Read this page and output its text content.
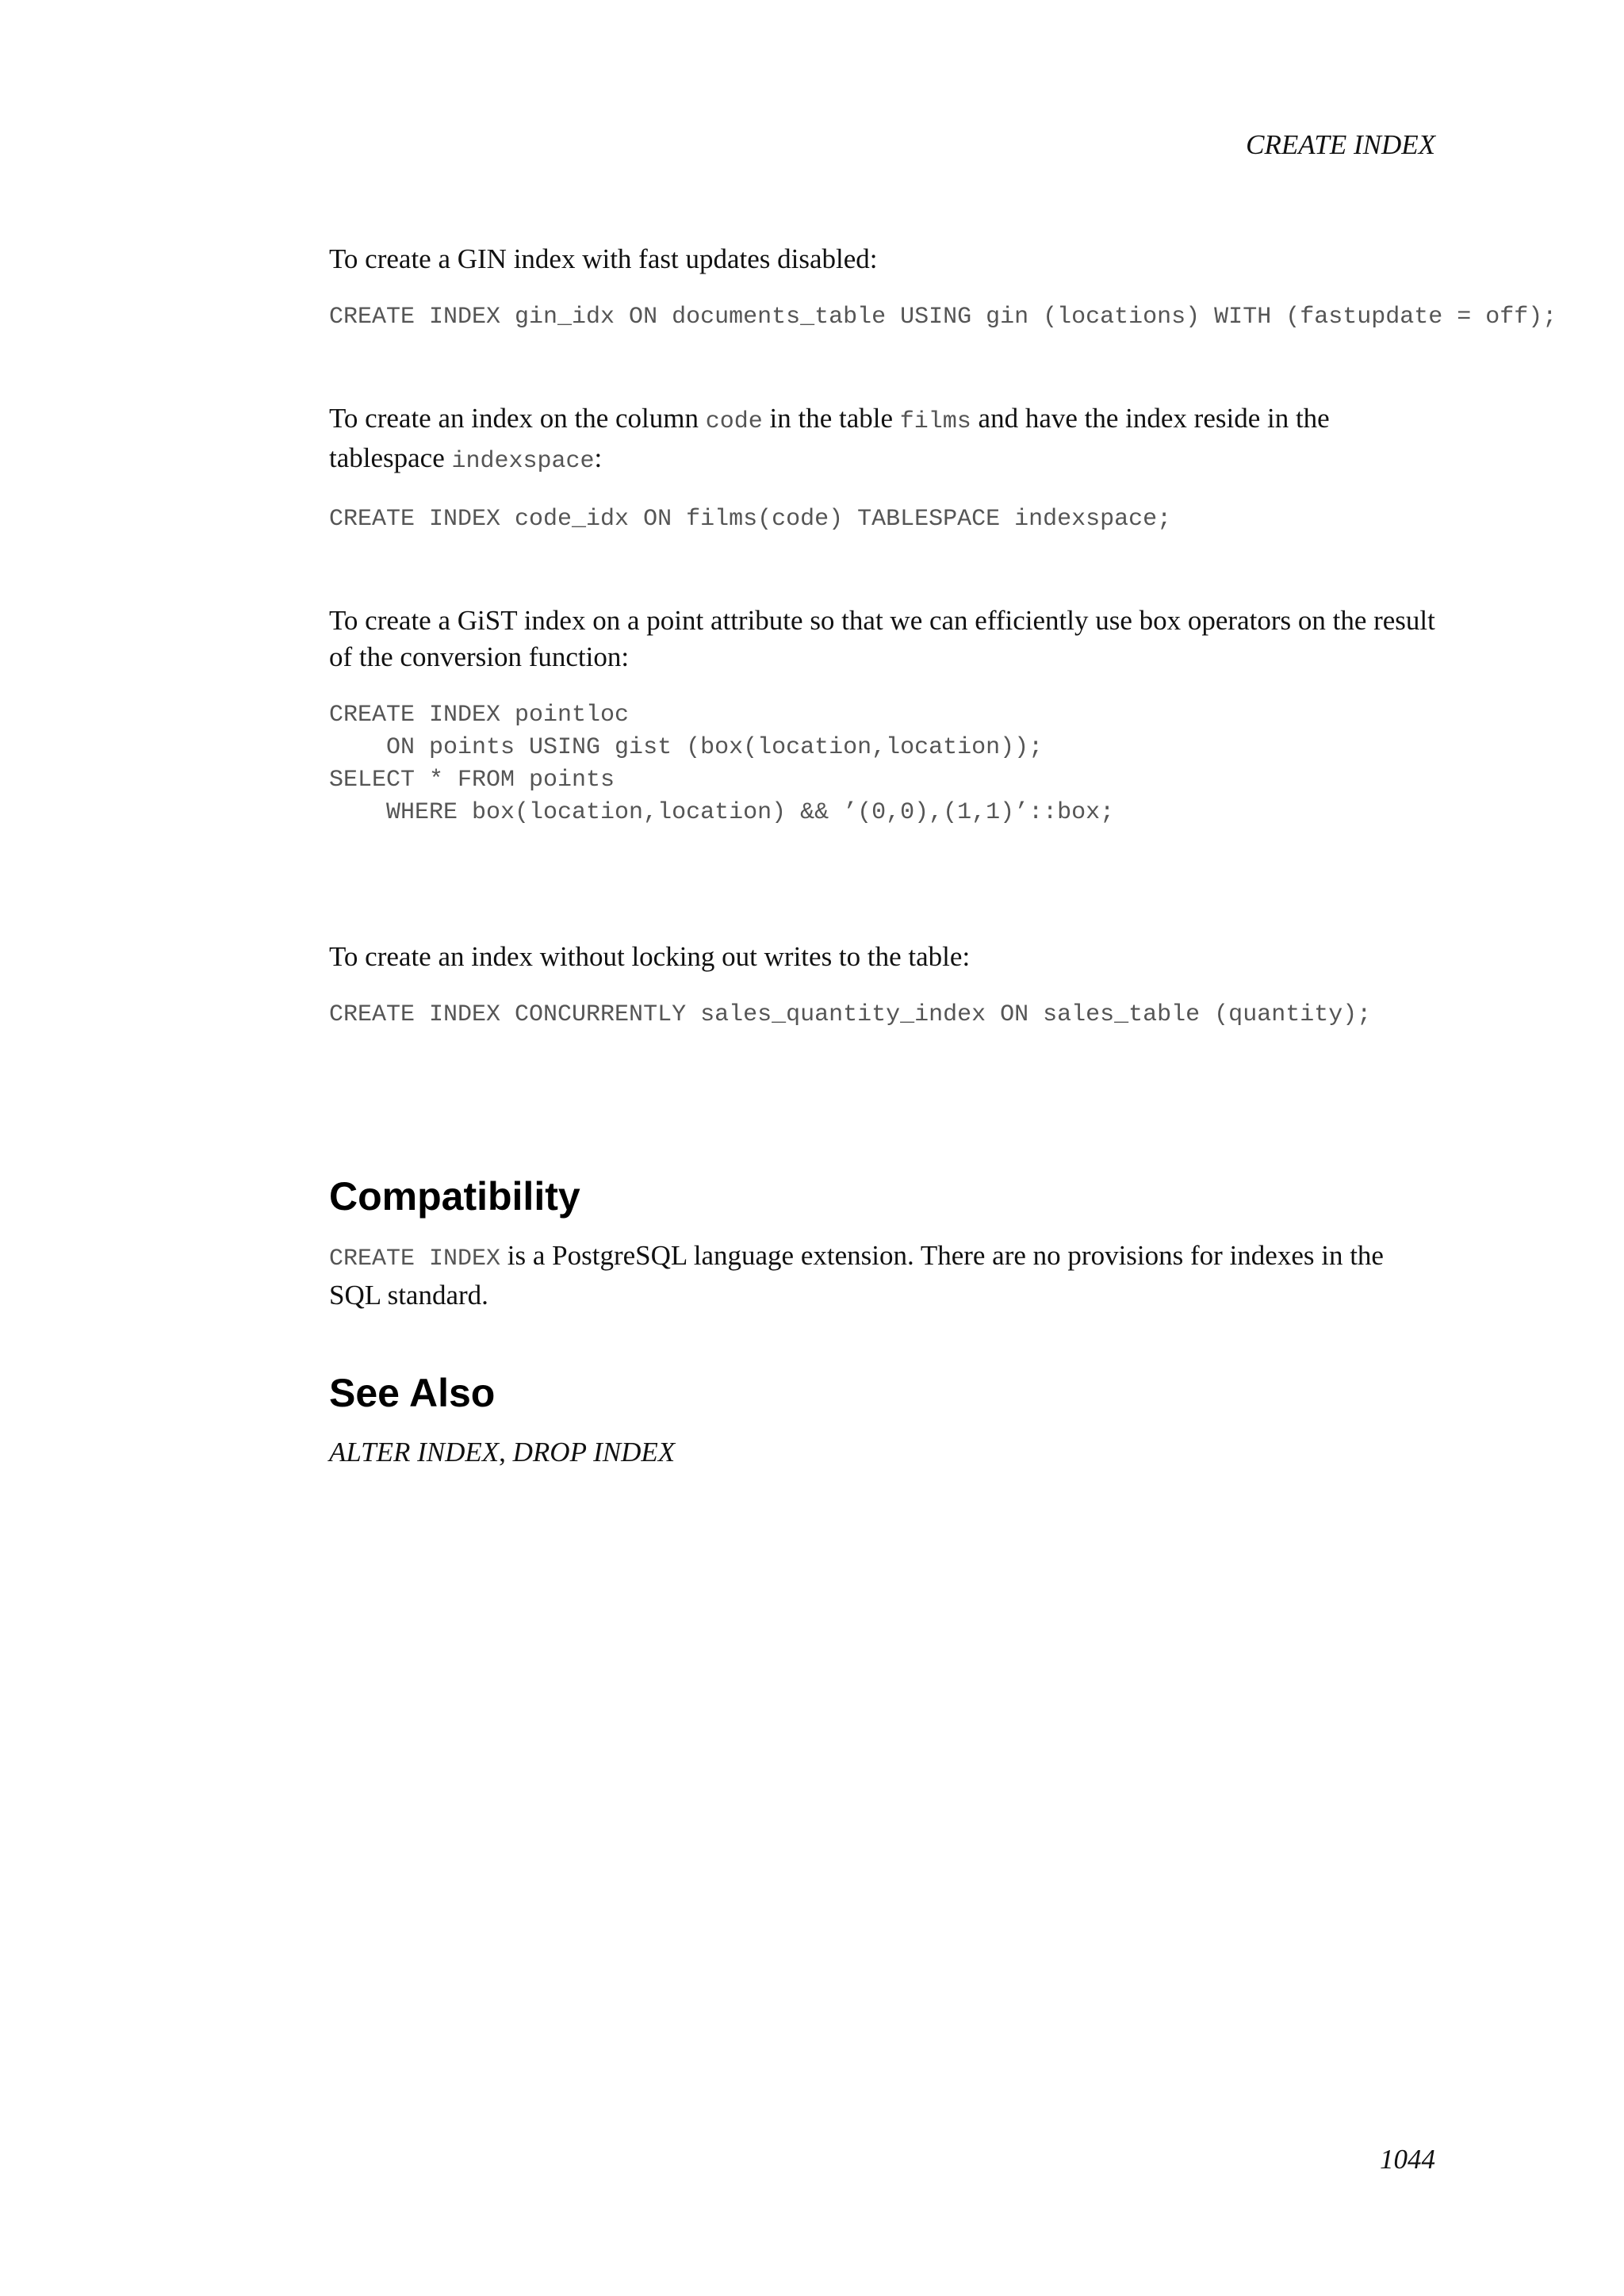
CREATE INDEX

To create a GIN index with fast updates disabled:

CREATE INDEX gin_idx ON documents_table USING gin (locations) WITH (fastupdate = off);

To create an index on the column code in the table films and have the index reside in the tablespace indexspace:

CREATE INDEX code_idx ON films(code) TABLESPACE indexspace;

To create a GiST index on a point attribute so that we can efficiently use box operators on the result of the conversion function:

CREATE INDEX pointloc
ON points USING gist (box(location,location));
SELECT * FROM points
WHERE box(location,location) && ’(0,0),(1,1)’::box;

To create an index without locking out writes to the table:

CREATE INDEX CONCURRENTLY sales_quantity_index ON sales_table (quantity);
Compatibility

CREATE INDEX is a PostgreSQL language extension. There are no provisions for indexes in the SQL standard.

See Also

ALTER INDEX, DROP INDEX

1044
